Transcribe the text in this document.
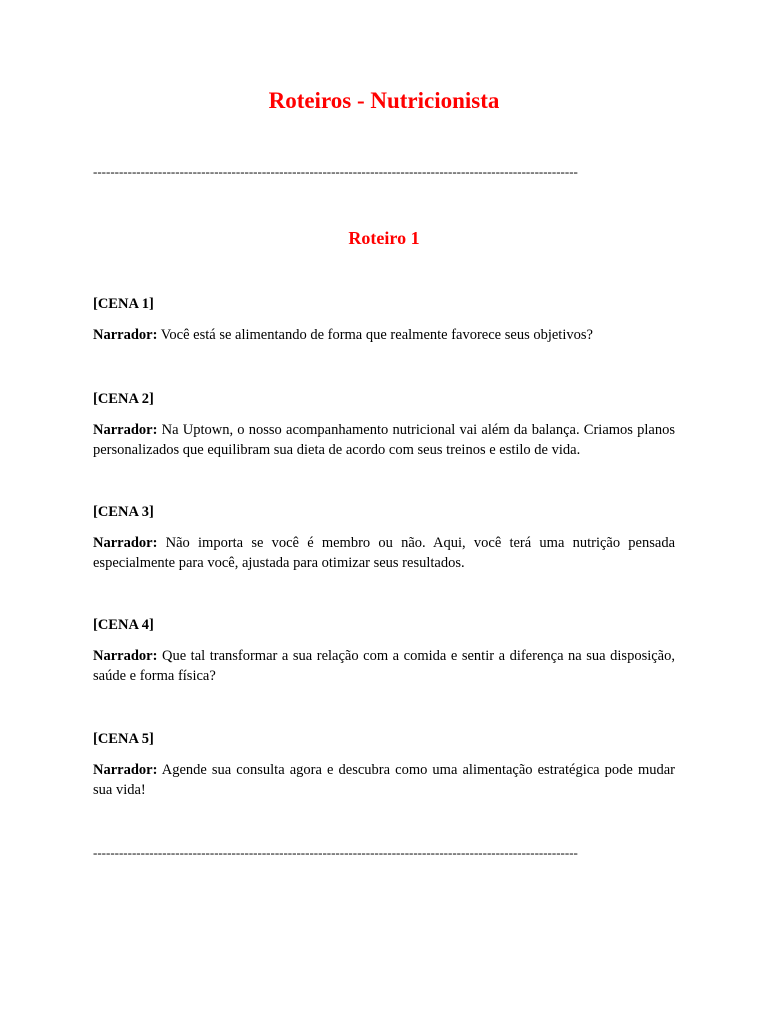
Roteiros - Nutricionista
----------------------------------------------------------------------------------------------------------------
Roteiro 1

[CENA 1]

Narrador: Você está se alimentando de forma que realmente favorece seus objetivos?

[CENA 2]

Narrador: Na Uptown, o nosso acompanhamento nutricional vai além da balança. Criamos planos personalizados que equilibram sua dieta de acordo com seus treinos e estilo de vida.

[CENA 3]

Narrador: Não importa se você é membro ou não. Aqui, você terá uma nutrição pensada especialmente para você, ajustada para otimizar seus resultados.

[CENA 4]

Narrador: Que tal transformar a sua relação com a comida e sentir a diferença na sua disposição, saúde e forma física?

[CENA 5]

Narrador: Agende sua consulta agora e descubra como uma alimentação estratégica pode mudar sua vida!

----------------------------------------------------------------------------------------------------------------
